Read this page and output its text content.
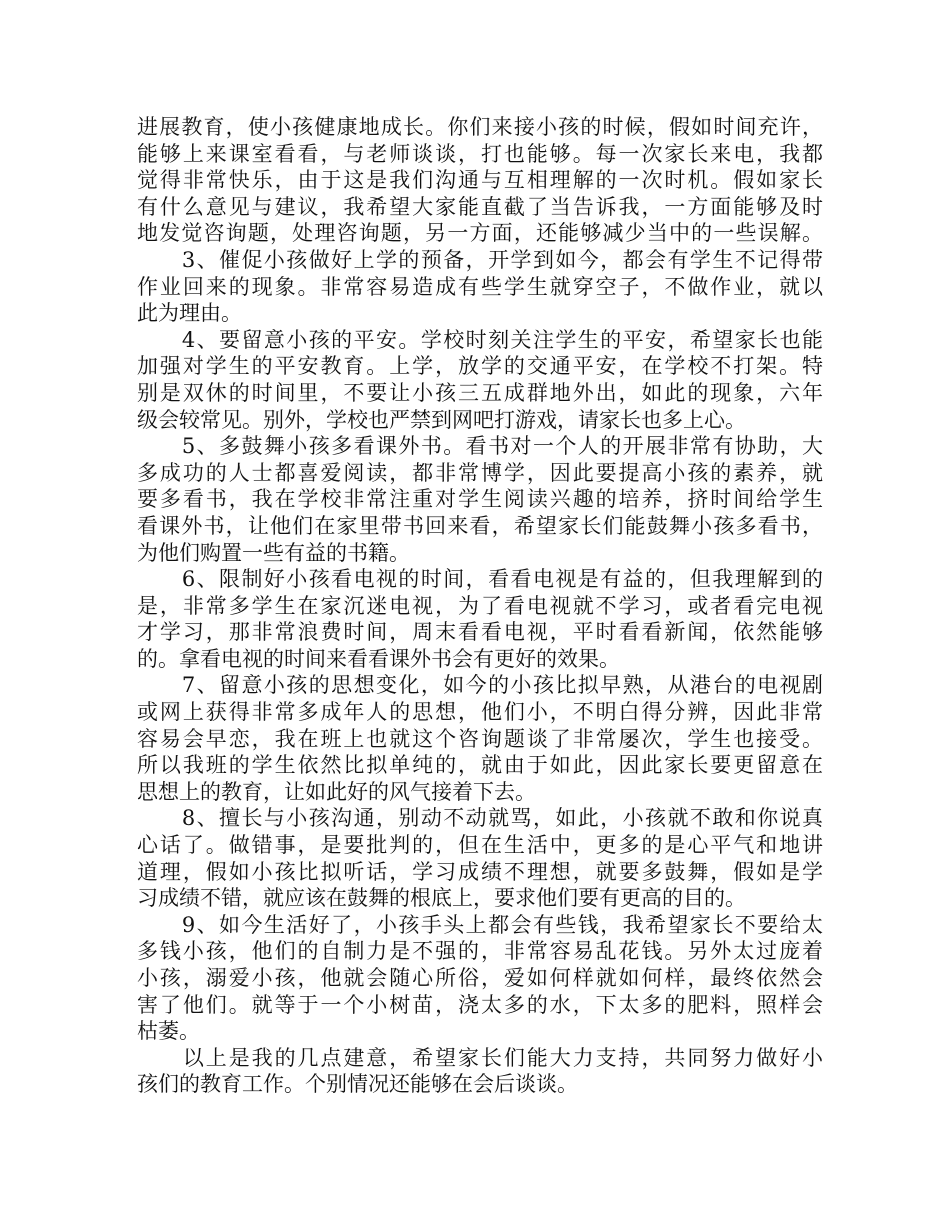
进展教育，使小孩健康地成长。你们来接小孩的时候，假如时间充许，
能够上来课室看看，与老师谈谈，打也能够。每一次家长来电，我都
觉得非常快乐，由于这是我们沟通与互相理解的一次时机。假如家长
有什么意见与建议，我希望大家能直截了当告诉我，一方面能够及时
地发觉咨询题，处理咨询题，另一方面，还能够减少当中的一些误解。
　　3、催促小孩做好上学的预备，开学到如今，都会有学生不记得带
作业回来的现象。非常容易造成有些学生就穿空子，不做作业，就以
此为理由。
　　4、要留意小孩的平安。学校时刻关注学生的平安，希望家长也能
加强对学生的平安教育。上学，放学的交通平安，在学校不打架。特
别是双休的时间里，不要让小孩三五成群地外出，如此的现象，六年
级会较常见。别外，学校也严禁到网吧打游戏，请家长也多上心。
　　5、多鼓舞小孩多看课外书。看书对一个人的开展非常有协助，大
多成功的人士都喜爱阅读，都非常博学，因此要提高小孩的素养，就
要多看书，我在学校非常注重对学生阅读兴趣的培养，挤时间给学生
看课外书，让他们在家里带书回来看，希望家长们能鼓舞小孩多看书，
为他们购置一些有益的书籍。
　　6、限制好小孩看电视的时间，看看电视是有益的，但我理解到的
是，非常多学生在家沉迷电视，为了看电视就不学习，或者看完电视
才学习，那非常浪费时间，周末看看电视，平时看看新闻，依然能够
的。拿看电视的时间来看看课外书会有更好的效果。
　　7、留意小孩的思想变化，如今的小孩比拟早熟，从港台的电视剧
或网上获得非常多成年人的思想，他们小，不明白得分辨，因此非常
容易会早恋，我在班上也就这个咨询题谈了非常屡次，学生也接受。
所以我班的学生依然比拟单纯的，就由于如此，因此家长要更留意在
思想上的教育，让如此好的风气接着下去。
　　8、擅长与小孩沟通，别动不动就骂，如此，小孩就不敢和你说真
心话了。做错事，是要批判的，但在生活中，更多的是心平气和地讲
道理，假如小孩比拟听话，学习成绩不理想，就要多鼓舞，假如是学
习成绩不错，就应该在鼓舞的根底上，要求他们要有更高的目的。
　　9、如今生活好了，小孩手头上都会有些钱，我希望家长不要给太
多钱小孩，他们的自制力是不强的，非常容易乱花钱。另外太过庞着
小孩，溺爱小孩，他就会随心所俗，爱如何样就如何样，最终依然会
害了他们。就等于一个小树苗，浇太多的水，下太多的肥料，照样会
枯萎。
　　以上是我的几点建意，希望家长们能大力支持，共同努力做好小
孩们的教育工作。个别情况还能够在会后谈谈。
